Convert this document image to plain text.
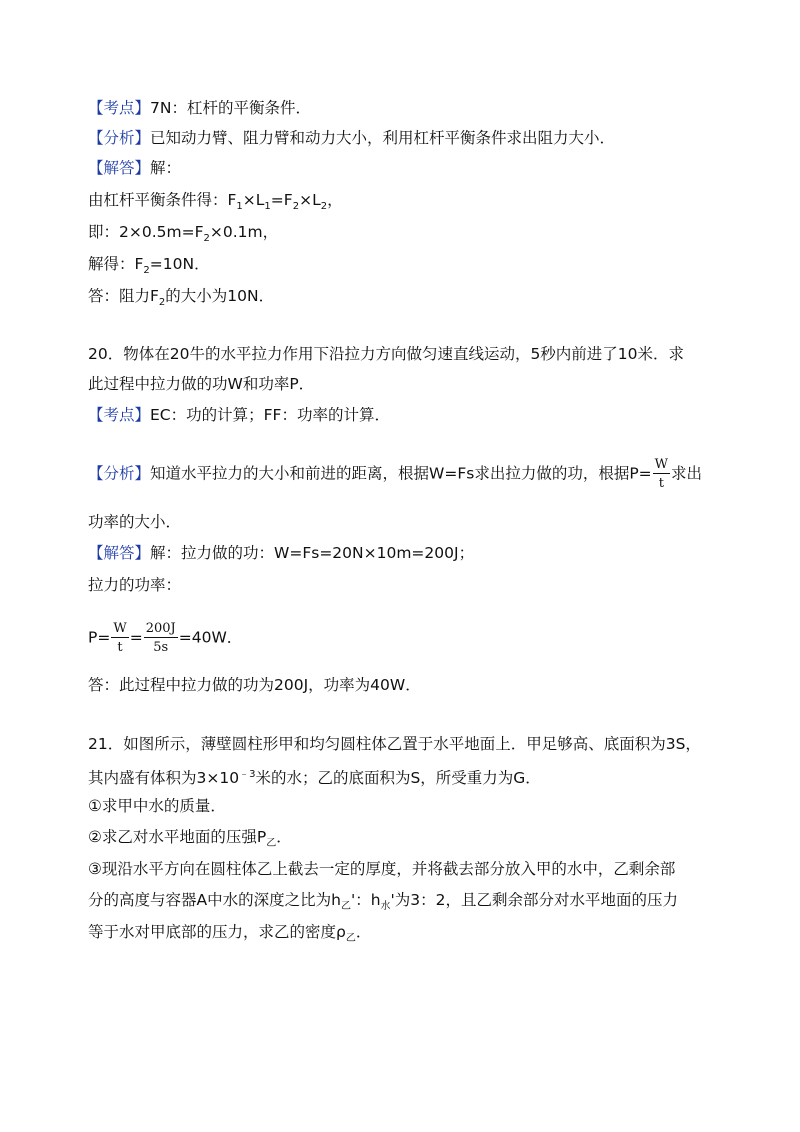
【考点】7N：杠杆的平衡条件．
【分析】已知动力臂、阻力臂和动力大小，利用杠杆平衡条件求出阻力大小．
【解答】解：
由杠杆平衡条件得：$F_1\times L_1=F_2\times L_2$，
即：$2\times 0.5m=F_2\times 0.1m$，
解得：$F_2=10N$．
答：阻力$F_2$的大小为10N．
20．物体在20牛的水平拉力作用下沿拉力方向做匀速直线运动，5秒内前进了10米．求
此过程中拉力做的功W和功率P．
【考点】EC：功的计算；FF：功率的计算．
【分析】知道水平拉力的大小和前进的距离，根据W=Fs求出拉力做的功，根据$P= \frac{W}{t}$ 求出
功率的大小．
【解答】解：拉力做的功：W=Fs=20N×10m=200J；
拉力的功率：
$P= \frac{W}{t} = \frac{200J}{5s} =40W$．
答：此过程中拉力做的功为200J，功率为40W．
21．如图所示，薄壁圆柱形甲和均匀圆柱体乙置于水平地面上．甲足够高、底面积为3S，
其内盛有体积为$3\times 10^{﹣3}$米的水；乙的底面积为S，所受重力为G．
①求甲中水的质量．
②求乙对水平地面的压强$P_乙$．
③现沿水平方向在圆柱体乙上截去一定的厚度，并将截去部分放入甲的水中，乙剩余部
分的高度与容器A中水的深度之比为$h_乙'$：$h_水'$为3：2，且乙剩余部分对水平地面的压力
等于水对甲底部的压力，求乙的密度$\rho_乙$．
